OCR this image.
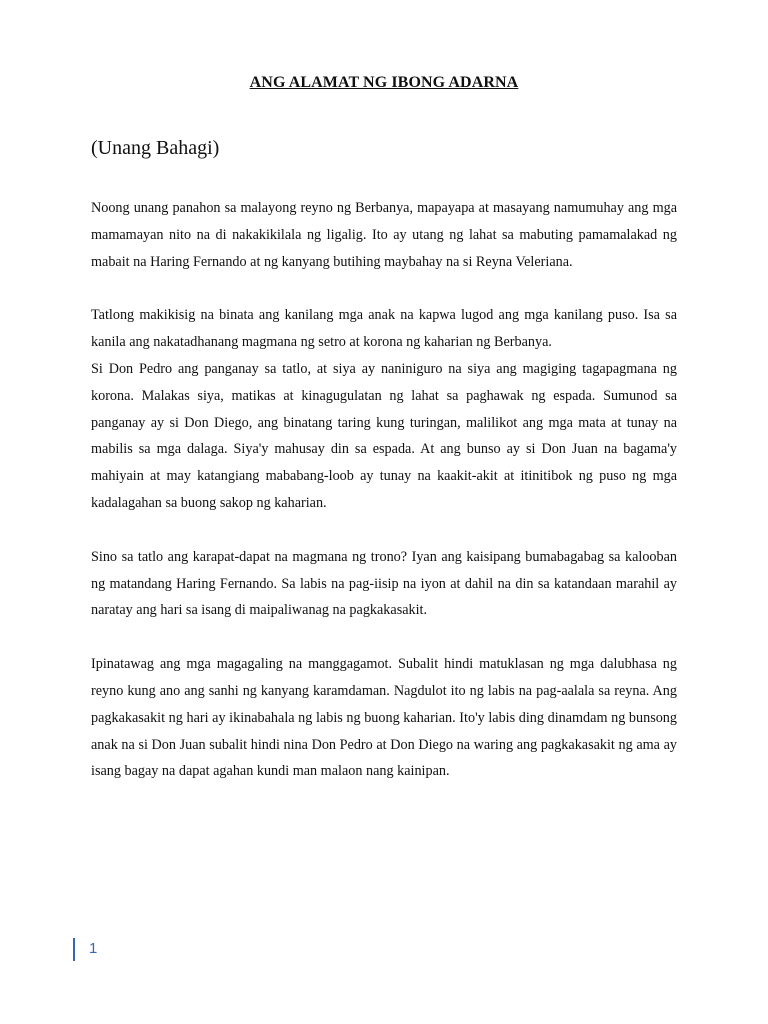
ANG ALAMAT NG IBONG ADARNA
(Unang Bahagi)

Noong unang panahon sa malayong reyno ng Berbanya, mapayapa at masayang namumuhay ang mga mamamayan nito na di nakakikilala ng ligalig. Ito ay utang ng lahat sa mabuting pamamalakad ng mabait na Haring Fernando at ng kanyang butihing maybahay na si Reyna Veleriana.

Tatlong makikisig na binata ang kanilang mga anak na kapwa lugod ang mga kanilang puso. Isa sa kanila ang nakatadhanang magmana ng setro at korona ng kaharian ng Berbanya.

Si Don Pedro ang panganay sa tatlo, at siya ay naniniguro na siya ang magiging tagapagmana ng korona. Malakas siya, matikas at kinagugulatan ng lahat sa paghawak ng espada. Sumunod sa panganay ay si Don Diego, ang binatang taring kung turingan, malilikot ang mga mata at tunay na mabilis sa mga dalaga. Siya'y mahusay din sa espada. At ang bunso ay si Don Juan na bagama'y mahiyain at may katangiang mababang-loob ay tunay na kaakit-akit at itinitibok ng puso ng mga kadalagahan sa buong sakop ng kaharian.

Sino sa tatlo ang karapat-dapat na magmana ng trono? Iyan ang kaisipang bumabagabag sa kalooban ng matandang Haring Fernando. Sa labis na pag-iisip na iyon at dahil na din sa katandaan marahil ay naratay ang hari sa isang di maipaliwanag na pagkakasakit.

Ipinatawag ang mga magagaling na manggagamot. Subalit hindi matuklasan ng mga dalubhasa ng reyno kung ano ang sanhi ng kanyang karamdaman. Nagdulot ito ng labis na pag-aalala sa reyna. Ang pagkakasakit ng hari ay ikinabahala ng labis ng buong kaharian. Ito'y labis ding dinamdam ng bunsong anak na si Don Juan subalit hindi nina Don Pedro at Don Diego na waring ang pagkakasakit ng ama ay isang bagay na dapat agahan kundi man malaon nang kainipan.

1
